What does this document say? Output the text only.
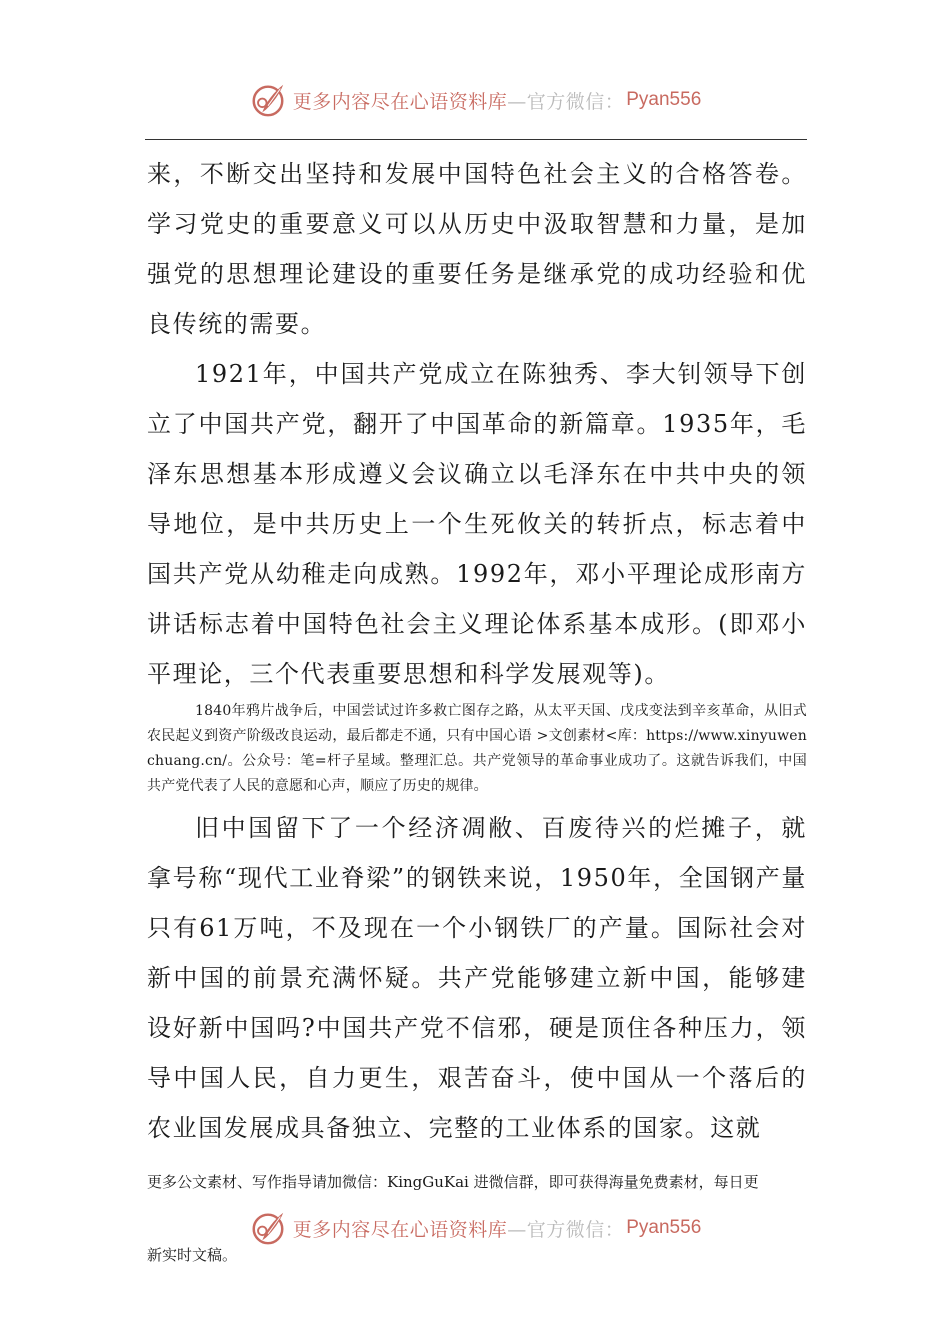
更多内容尽在心语资料库 —官方微信： Pyan556

来，不断交出坚持和发展中国特色社会主义的合格答卷。学习党史的重要意义可以从历史中汲取智慧和力量，是加强党的思想理论建设的重要任务是继承党的成功经验和优良传统的需要。

1921年，中国共产党成立在陈独秀、李大钊领导下创立了中国共产党，翻开了中国革命的新篇章。1935年，毛泽东思想基本形成遵义会议确立以毛泽东在中共中央的领导地位，是中共历史上一个生死攸关的转折点，标志着中国共产党从幼稚走向成熟。1992年，邓小平理论成形南方讲话标志着中国特色社会主义理论体系基本成形。(即邓小平理论，三个代表重要思想和科学发展观等)。

1840年鸦片战争后，中国尝试过许多救亡图存之路，从太平天国、戊戌变法到辛亥革命，从旧式农民起义到资产阶级改良运动，最后都走不通，只有中国心语 >文创素材<库：https://www.xinyuwenchuang.cn/。公众号：笔=杆子星域。整理汇总。共产党领导的革命事业成功了。这就告诉我们，中国共产党代表了人民的意愿和心声，顺应了历史的规律。

旧中国留下了一个经济凋敝、百废待兴的烂摊子，就拿号称“现代工业脊梁”的钢铁来说，1950年，全国钢产量只有61万吨，不及现在一个小钢铁厂的产量。国际社会对新中国的前景充满怀疑。共产党能够建立新中国，能够建设好新中国吗?中国共产党不信邪，硬是顶住各种压力，领导中国人民，自力更生，艰苦奋斗，使中国从一个落后的农业国发展成具备独立、完整的工业体系的国家。这就

更多公文素材、写作指导请加微信：KingGuKai 进微信群，即可获得海量免费素材，每日更
更多内容尽在心语资料库 —官方微信： Pyan556
新实时文稿。
